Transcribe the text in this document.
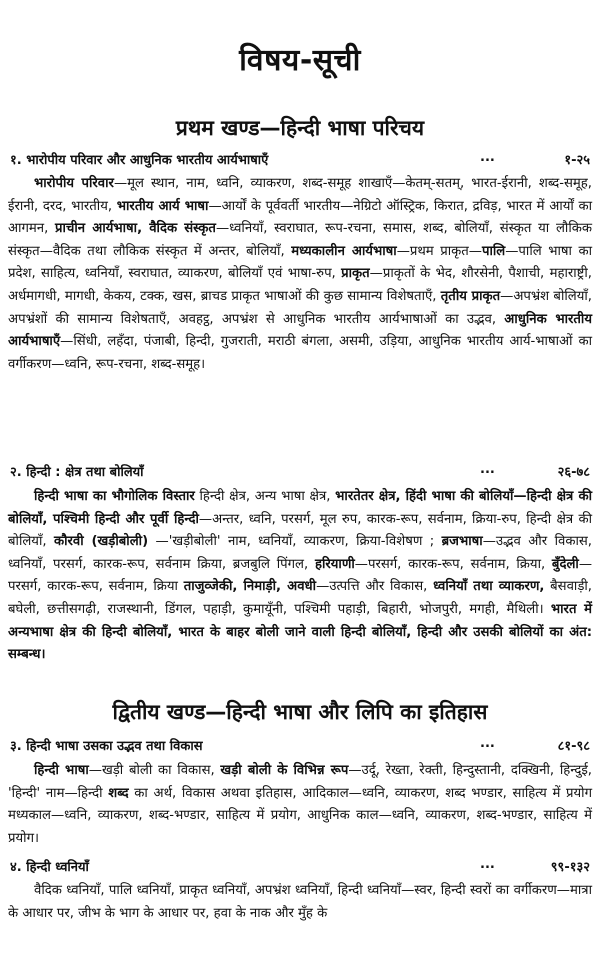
विषय-सूची
प्रथम खण्ड—हिन्दी भाषा परिचय
१. भारोपीय परिवार और आधुनिक भारतीय आर्यभाषाएँ	...	१-२५
भारोपीय परिवार—मूल स्थान, नाम, ध्वनि, व्याकरण, शब्द-समूह शाखाएँ—केतम्-सतम्, भारत-ईरानी, शब्द-समूह, ईरानी, दरद, भारतीय, भारतीय आर्य भाषा—आर्यों के पूर्ववर्ती भारतीय—नेग्रिटो ऑस्ट्रिक, किरात, द्रविड़, भारत में आर्यों का आगमन, प्राचीन आर्यभाषा, वैदिक संस्कृत—ध्वनियाँ, स्वराघात, रूप-रचना, समास, शब्द, बोलियाँ, संस्कृत या लौकिक संस्कृत—वैदिक तथा लौकिक संस्कृत में अन्तर, बोलियाँ, मध्यकालीन आर्यभाषा—प्रथम प्राकृत—पालि—पालि भाषा का प्रदेश, साहित्य, ध्वनियाँ, स्वराघात, व्याकरण, बोलियाँ एवं भाषा-रुप, प्राकृत—प्राकृतों के भेद, शौरसेनी, पैशाची, महाराष्ट्री, अर्धमागधी, मागधी, केकय, टक्क, खस, ब्राचड प्राकृत भाषाओं की कुछ सामान्य विशेषताएँ, तृतीय प्राकृत—अपभ्रंश बोलियाँ, अपभ्रंशों की सामान्य विशेषताएँ, अवहट्ठ, अपभ्रंश से आधुनिक भारतीय आर्यभाषाओं का उद्भव, आधुनिक भारतीय आर्यभाषाएँ—सिंधी, लहँदा, पंजाबी, हिन्दी, गुजराती, मराठी बंगला, असमी, उड़िया, आधुनिक भारतीय आर्य-भाषाओं का वर्गीकरण—ध्वनि, रूप-रचना, शब्द-समूह।
२. हिन्दी : क्षेत्र तथा बोलियाँ	...	२६-७८
हिन्दी भाषा का भौगोलिक विस्तार हिन्दी क्षेत्र, अन्य भाषा क्षेत्र, भारतेतर क्षेत्र, हिंदी भाषा की बोलियाँ—हिन्दी क्षेत्र की बोलियाँ, पश्चिमी हिन्दी और पूर्वी हिन्दी—अन्तर, ध्वनि, परसर्ग, मूल रुप, कारक-रूप, सर्वनाम, क्रिया-रुप, हिन्दी क्षेत्र की बोलियाँ, कौरवी (खड़ीबोली) —'खड़ीबोली' नाम, ध्वनियाँ, व्याकरण, क्रिया-विशेषण ; ब्रजभाषा—उद्भव और विकास, ध्वनियाँ, परसर्ग, कारक-रूप, सर्वनाम क्रिया, ब्रजबुलि पिंगल, हरियाणी—परसर्ग, कारक-रूप, सर्वनाम, क्रिया, बुँदेली—परसर्ग, कारक-रूप, सर्वनाम, क्रिया ताजुव्जेकी, निमाड़ी, अवधी—उत्पत्ति और विकास, ध्वनियाँ तथा व्याकरण, बैसवाड़ी, बघेली, छत्तीसगढ़ी, राजस्थानी, डिंगल, पहाड़ी, कुमायूँनी, पश्चिमी पहाड़ी, बिहारी, भोजपुरी, मगही, मैथिली। भारत में अन्यभाषा क्षेत्र की हिन्दी बोलियाँ, भारत के बाहर बोली जाने वाली हिन्दी बोलियाँ, हिन्दी और उसकी बोलियों का अंत: सम्बन्ध।
द्वितीय खण्ड—हिन्दी भाषा और लिपि का इतिहास
३. हिन्दी भाषा उसका उद्भव तथा विकास	...	८१-९८
हिन्दी भाषा—खड़ी बोली का विकास, खड़ी बोली के विभिन्न रूप—उर्दू, रेख्ता, रेक्ती, हिन्दुस्तानी, दक्खिनी, हिन्दुई, 'हिन्दी' नाम—हिन्दी शब्द का अर्थ, विकास अथवा इतिहास, आदिकाल—ध्वनि, व्याकरण, शब्द भण्डार, साहित्य में प्रयोग मध्यकाल—ध्वनि, व्याकरण, शब्द-भण्डार, साहित्य में प्रयोग, आधुनिक काल—ध्वनि, व्याकरण, शब्द-भण्डार, साहित्य में प्रयोग।
४. हिन्दी ध्वनियाँ	...	९९-१३२
वैदिक ध्वनियाँ, पालि ध्वनियाँ, प्राकृत ध्वनियाँ, अपभ्रंश ध्वनियाँ, हिन्दी ध्वनियाँ—स्वर, हिन्दी स्वरों का वर्गीकरण—मात्रा के आधार पर, जीभ के भाग के आधार पर, हवा के नाक और मुँह के
